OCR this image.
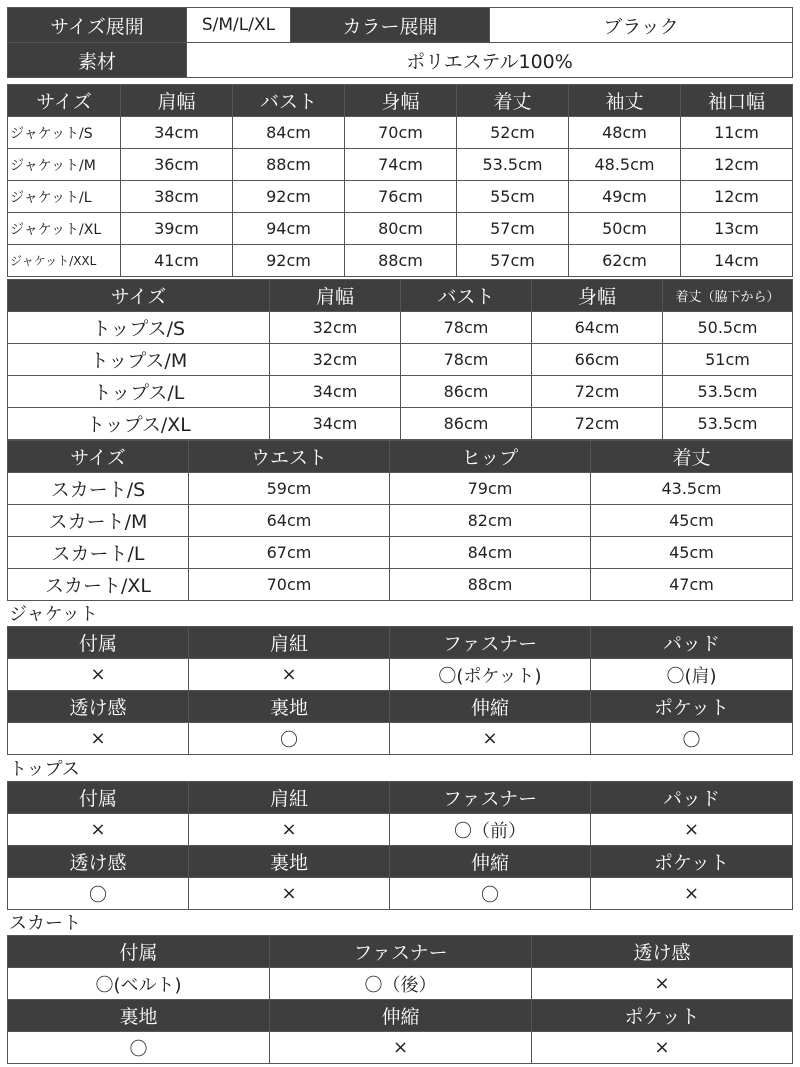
サイズ展開	S/M/L/XL	カラー展開	ブラック
素材	ポリエステル100%		
サイズ	肩幅	バスト	身幅	着丈	袖丈	袖口幅
ジャケット/S	34cm	84cm	70cm	52cm	48cm	11cm
ジャケット/M	36cm	88cm	74cm	53.5cm	48.5cm	12cm
ジャケット/L	38cm	92cm	76cm	55cm	49cm	12cm
ジャケット/XL	39cm	94cm	80cm	57cm	50cm	13cm
ジャケット/XXL	41cm	92cm	88cm	57cm	62cm	14cm
サイズ	肩幅	バスト	身幅	着丈（脇下から）
トップス/S	32cm	78cm	64cm	50.5cm
トップス/M	32cm	78cm	66cm	51cm
トップス/L	34cm	86cm	72cm	53.5cm
トップス/XL	34cm	86cm	72cm	53.5cm
サイズ	ウエスト	ヒップ	着丈
スカート/S	59cm	79cm	43.5cm
スカート/M	64cm	82cm	45cm
スカート/L	67cm	84cm	45cm
スカート/XL	70cm	88cm	47cm
ジャケット
付属	肩組	ファスナー	パッド
×	×	〇(ポケット)	〇(肩)
透け感	裏地	伸縮	ポケット
×	〇	×	〇
トップス
付属	肩組	ファスナー	パッド
×	×	〇（前）	×
透け感	裏地	伸縮	ポケット
〇	×	〇	×
スカート
付属	ファスナー	透け感
〇(ベルト)	〇（後）	×
裏地	伸縮	ポケット
〇	×	×
